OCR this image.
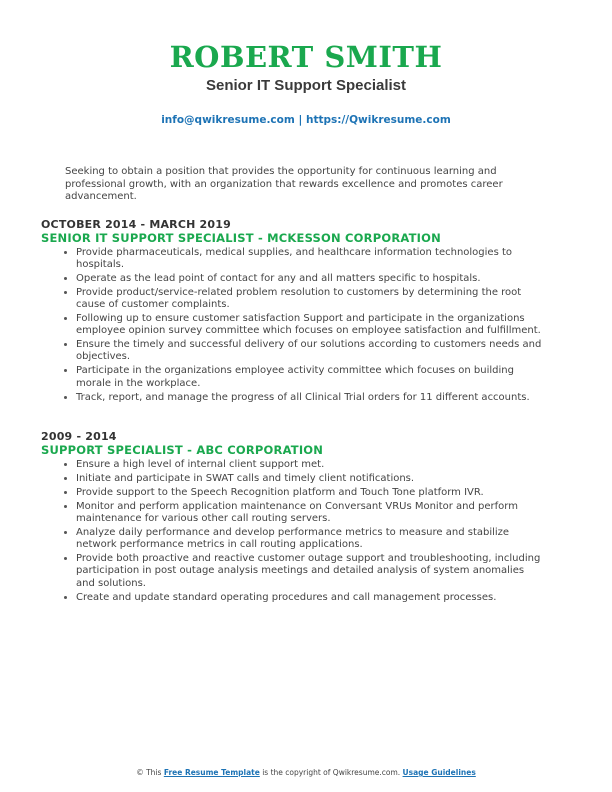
ROBERT SMITH
Senior IT Support Specialist
info@qwikresume.com | https://Qwikresume.com
Seeking to obtain a position that provides the opportunity for continuous learning and professional growth, with an organization that rewards excellence and promotes career advancement.
OCTOBER 2014 - MARCH 2019
SENIOR IT SUPPORT SPECIALIST - MCKESSON CORPORATION
• Provide pharmaceuticals, medical supplies, and healthcare information technologies to hospitals.
• Operate as the lead point of contact for any and all matters specific to hospitals.
• Provide product/service-related problem resolution to customers by determining the root cause of customer complaints.
• Following up to ensure customer satisfaction Support and participate in the organizations employee opinion survey committee which focuses on employee satisfaction and fulfillment.
• Ensure the timely and successful delivery of our solutions according to customers needs and objectives.
• Participate in the organizations employee activity committee which focuses on building morale in the workplace.
• Track, report, and manage the progress of all Clinical Trial orders for 11 different accounts.
2009 - 2014
SUPPORT SPECIALIST - ABC CORPORATION
• Ensure a high level of internal client support met.
• Initiate and participate in SWAT calls and timely client notifications.
• Provide support to the Speech Recognition platform and Touch Tone platform IVR.
• Monitor and perform application maintenance on Conversant VRUs Monitor and perform maintenance for various other call routing servers.
• Analyze daily performance and develop performance metrics to measure and stabilize network performance metrics in call routing applications.
• Provide both proactive and reactive customer outage support and troubleshooting, including participation in post outage analysis meetings and detailed analysis of system anomalies and solutions.
• Create and update standard operating procedures and call management processes.
© This Free Resume Template is the copyright of Qwikresume.com. Usage Guidelines
